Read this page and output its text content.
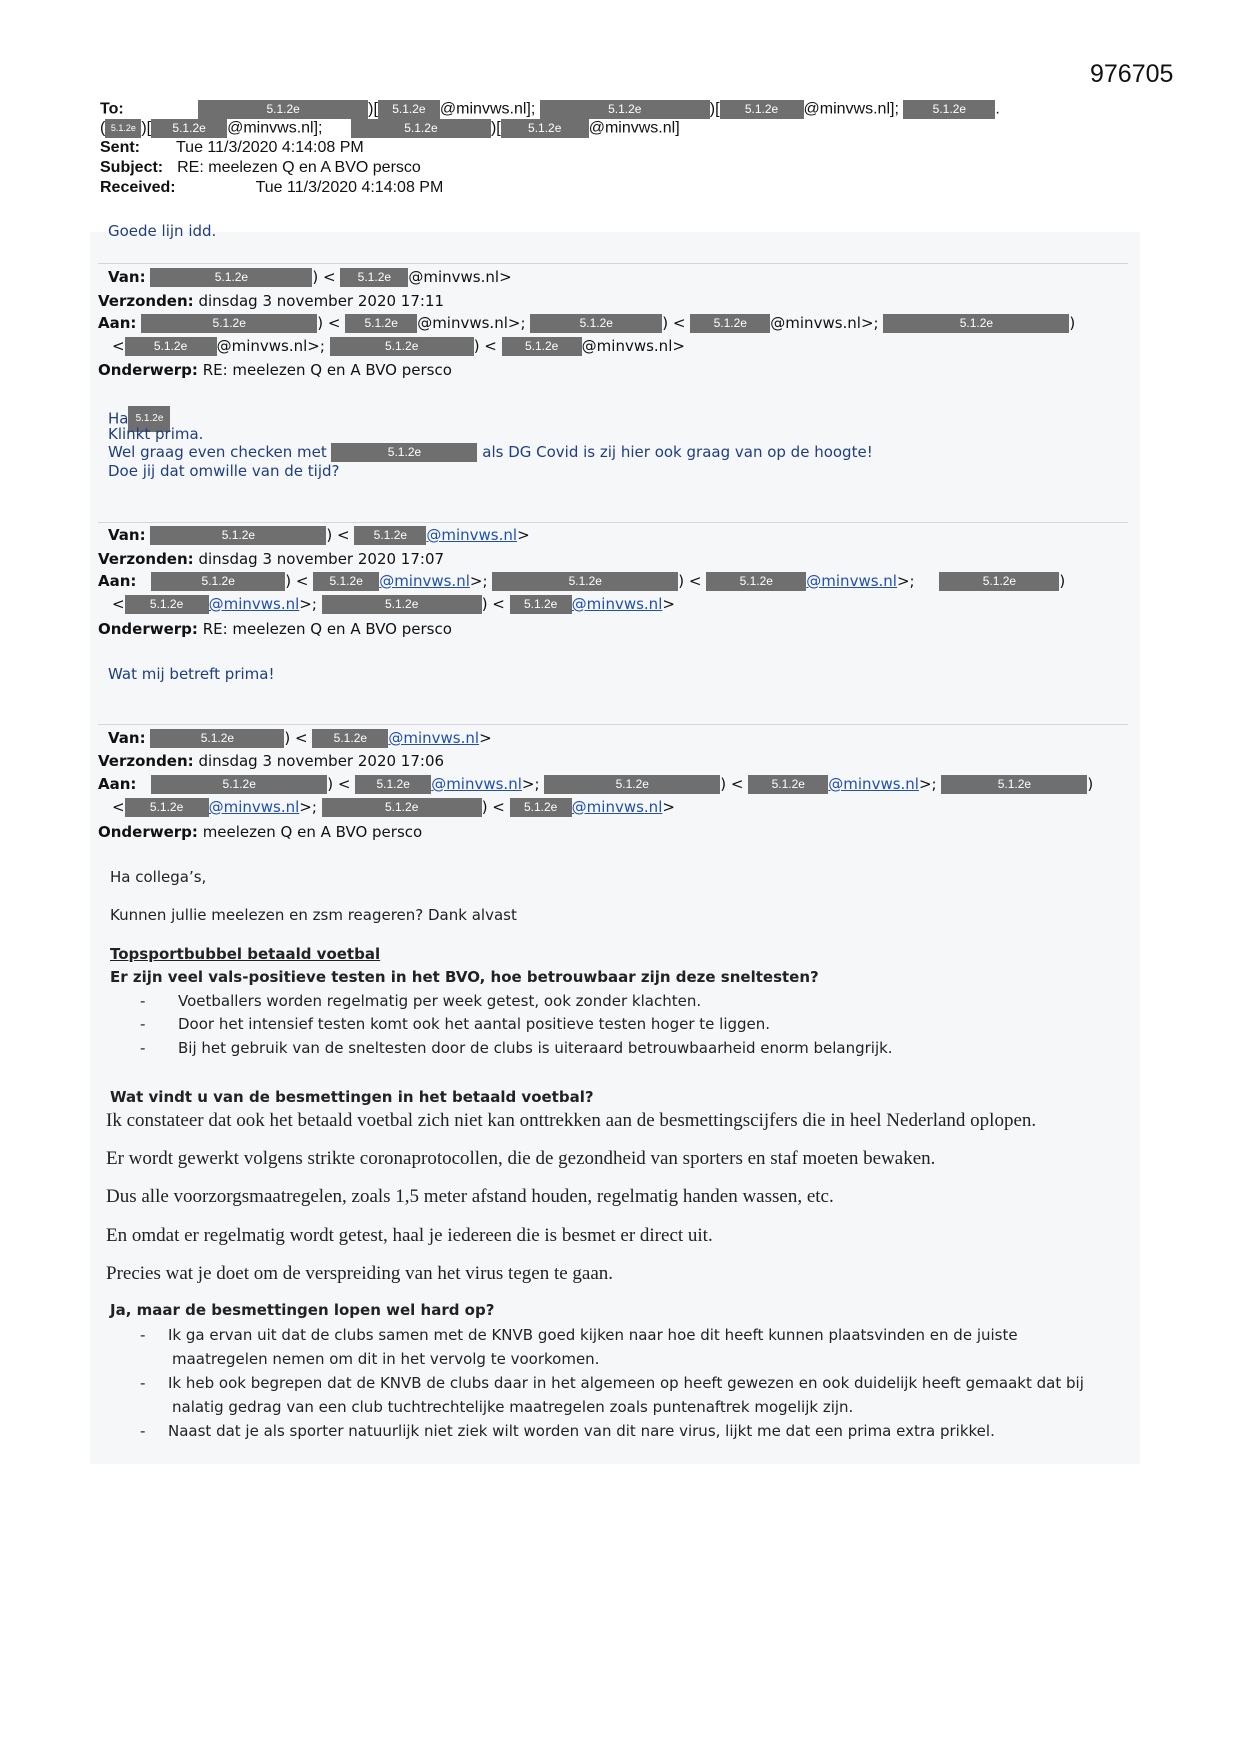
976705
To:	5.1.2e	)[ 5.1.2e @minvws.nl];	5.1.2e	)[ 5.1.2e @minvws.nl];	5.1.2e .
( 5.1.2e )[ 5.1.2e @minvws.nl];	5.1.2e	)[ 5.1.2e @minvws.nl]
Sent: Tue 11/3/2020 4:14:08 PM
Subject: RE: meelezen Q en A BVO persco
Received:	Tue 11/3/2020 4:14:08 PM
Goede lijn idd.
Van:	5.1.2e	) < 5.1.2e @minvws.nl>
Verzonden: dinsdag 3 november 2020 17:11
Aan:	5.1.2e	) < 5.1.2e @minvws.nl>;	5.1.2e	) < 5.1.2e @minvws.nl>;	5.1.2e	)
< 5.1.2e @minvws.nl>;	5.1.2e	) < 5.1.2e @minvws.nl>
Onderwerp: RE: meelezen Q en A BVO persco
Ha 5.1.2e
Klinkt prima.
Wel graag even checken met	5.1.2e	als DG Covid is zij hier ook graag van op de hoogte!
Doe jij dat omwille van de tijd?
Van:	5.1.2e	) < 5.1.2e @minvws.nl>
Verzonden: dinsdag 3 november 2020 17:07
Aan:	5.1.2e	) < 5.1.2e @minvws.nl>;	5.1.2e	) <	5.1.2e @minvws.nl>;	5.1.2e	)
< 5.1.2e @minvws.nl>;	5.1.2e	) < 5.1.2e @minvws.nl>
Onderwerp: RE: meelezen Q en A BVO persco
Wat mij betreft prima!
Van:	5.1.2e	) < 5.1.2e @minvws.nl>
Verzonden: dinsdag 3 november 2020 17:06
Aan:	5.1.2e	) < 5.1.2e @minvws.nl>;	5.1.2e	) < 5.1.2e @minvws.nl>;	5.1.2e	)
< 5.1.2e @minvws.nl>;	5.1.2e	) < 5.1.2e @minvws.nl>
Onderwerp: meelezen Q en A BVO persco
Ha collega’s,
Kunnen jullie meelezen en zsm reageren? Dank alvast
Topsportbubbel betaald voetbal
Er zijn veel vals-positieve testen in het BVO, hoe betrouwbaar zijn deze sneltesten?
- Voetballers worden regelmatig per week getest, ook zonder klachten.
- Door het intensief testen komt ook het aantal positieve testen hoger te liggen.
- Bij het gebruik van de sneltesten door de clubs is uiteraard betrouwbaarheid enorm belangrijk.
Wat vindt u van de besmettingen in het betaald voetbal?
Ik constateer dat ook het betaald voetbal zich niet kan onttrekken aan de besmettingscijfers die in heel Nederland oplopen.
Er wordt gewerkt volgens strikte coronaprotocollen, die de gezondheid van sporters en staf moeten bewaken.
Dus alle voorzorgsmaatregelen, zoals 1,5 meter afstand houden, regelmatig handen wassen, etc.
En omdat er regelmatig wordt getest, haal je iedereen die is besmet er direct uit.
Precies wat je doet om de verspreiding van het virus tegen te gaan.
Ja, maar de besmettingen lopen wel hard op?
- Ik ga ervan uit dat de clubs samen met de KNVB goed kijken naar hoe dit heeft kunnen plaatsvinden en de juiste
maatregelen nemen om dit in het vervolg te voorkomen.
- Ik heb ook begrepen dat de KNVB de clubs daar in het algemeen op heeft gewezen en ook duidelijk heeft gemaakt dat bij
nalatig gedrag van een club tuchtrechtelijke maatregelen zoals puntenaftrek mogelijk zijn.
- Naast dat je als sporter natuurlijk niet ziek wilt worden van dit nare virus, lijkt me dat een prima extra prikkel.
